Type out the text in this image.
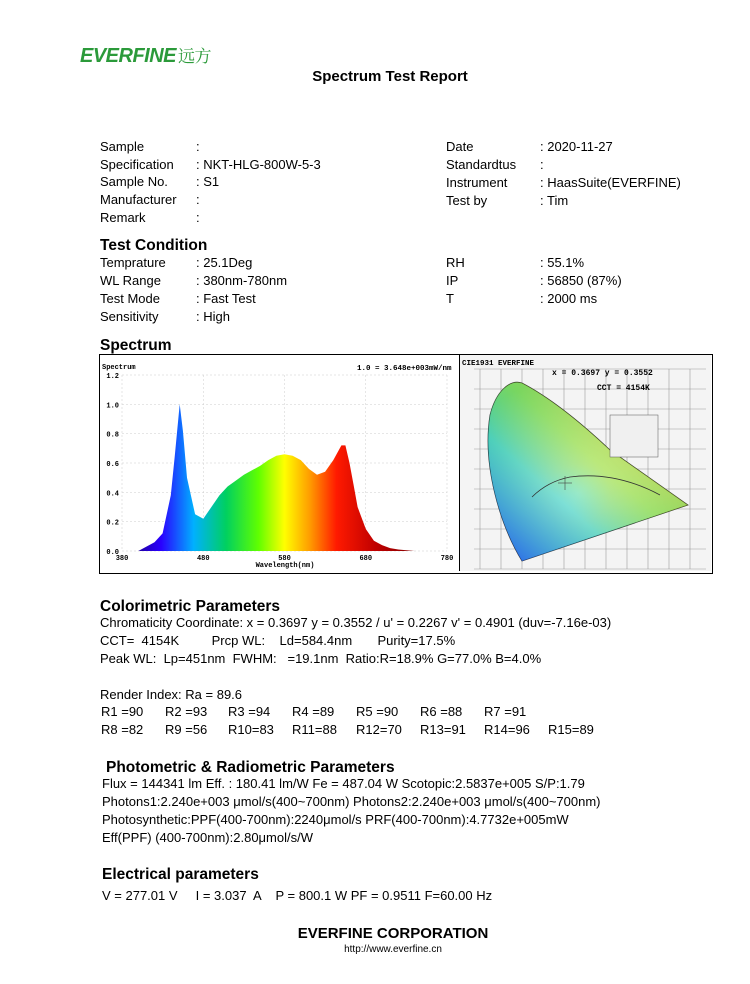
EVERFINE 远方
Spectrum Test Report
Sample	:
Specification : NKT-HLG-800W-5-3
Sample No. : S1
Manufacturer :
Remark	:
Date	: 2020-11-27
Standardtus :
Instrument	: HaasSuite(EVERFINE)
Test by	: Tim
Test Condition
Temprature : 25.1Deg
WL Range	: 380nm-780nm
Test Mode	: Fast Test
Sensitivity	: High
RH	: 55.1%
IP	: 56850 (87%)
T	: 2000 ms
Spectrum
Spectrum	1.0 = 3.648e+003mW/nm
Wavelength(nm)
1.2
1.0
0.8
0.6
0.4
0.2
0.0
380	480	580	680	780
CIE1931 EVERFINE
x = 0.3697 y = 0.3552
CCT = 4154K
Colorimetric Parameters
Chromaticity Coordinate: x = 0.3697 y = 0.3552 / u' = 0.2267 v' = 0.4901 (duv=-7.16e-03)
CCT=  4154K         Prcp WL:    Ld=584.4nm       Purity=17.5%
Peak WL:  Lp=451nm  FWHM:   =19.1nm  Ratio:R=18.9% G=77.0% B=4.0%
Render Index: Ra = 89.6
R1 =90 R2 =93 R3 =94 R4 =89 R5 =90 R6 =88 R7 =91
R8 =82 R9 =56 R10=83 R11=88 R12=70 R13=91 R14=96 R15=89
Photometric & Radiometric Parameters
Flux = 144341 lm Eff. : 180.41 lm/W Fe = 487.04 W Scotopic:2.5837e+005 S/P:1.79
Photons1:2.240e+003 μmol/s(400~700nm) Photons2:2.240e+003 μmol/s(400~700nm)
Photosynthetic:PPF(400-700nm):2240μmol/s PRF(400-700nm):4.7732e+005mW
Eff(PPF) (400-700nm):2.80μmol/s/W
Electrical parameters
V = 277.01 V     I = 3.037  A    P = 800.1 W PF = 0.9511 F=60.00 Hz
EVERFINE CORPORATION
http://www.everfine.cn
